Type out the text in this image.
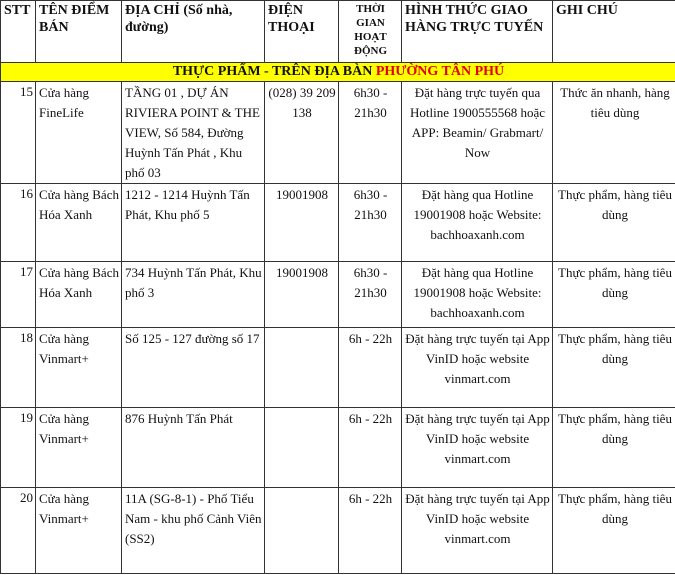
STT	TÊN ĐIỂM BÁN	ĐỊA CHỈ (Số nhà, đường)	ĐIỆN THOẠI	THỜI GIAN HOẠT ĐỘNG	HÌNH THỨC GIAO HÀNG TRỰC TUYẾN	GHI CHÚ
THỰC PHẨM - TRÊN ĐỊA BÀN PHƯỜNG TÂN PHÚ						
15	Cửa hàng FineLife	TẦNG 01 , DỰ ÁN RIVIERA POINT & THE VIEW, Số 584, Đường Huỳnh Tấn Phát , Khu phố 03	(028) 39 209 138	6h30 - 21h30	Đặt hàng trực tuyến qua Hotline 1900555568 hoặc APP: Beamin/ Grabmart/ Now	Thức ăn nhanh, hàng tiêu dùng
16	Cửa hàng Bách Hóa Xanh	1212 - 1214 Huỳnh Tấn Phát, Khu phố 5	19001908	6h30 - 21h30	Đặt hàng qua Hotline 19001908 hoặc Website: bachhoaxanh.com	Thực phẩm, hàng tiêu dùng
17	Cửa hàng Bách Hóa Xanh	734 Huỳnh Tấn Phát, Khu phố 3	19001908	6h30 - 21h30	Đặt hàng qua Hotline 19001908 hoặc Website: bachhoaxanh.com	Thực phẩm, hàng tiêu dùng
18	Cửa hàng Vinmart+	Số 125 - 127 đường số 17		6h - 22h	Đặt hàng trực tuyến tại App VinID hoặc website vinmart.com	Thực phẩm, hàng tiêu dùng
19	Cửa hàng Vinmart+	876 Huỳnh Tấn Phát		6h - 22h	Đặt hàng trực tuyến tại App VinID hoặc website vinmart.com	Thực phẩm, hàng tiêu dùng
20	Cửa hàng Vinmart+	11A (SG-8-1) - Phố Tiểu Nam - khu phố Cảnh Viên (SS2)		6h - 22h	Đặt hàng trực tuyến tại App VinID hoặc website vinmart.com	Thực phẩm, hàng tiêu dùng
